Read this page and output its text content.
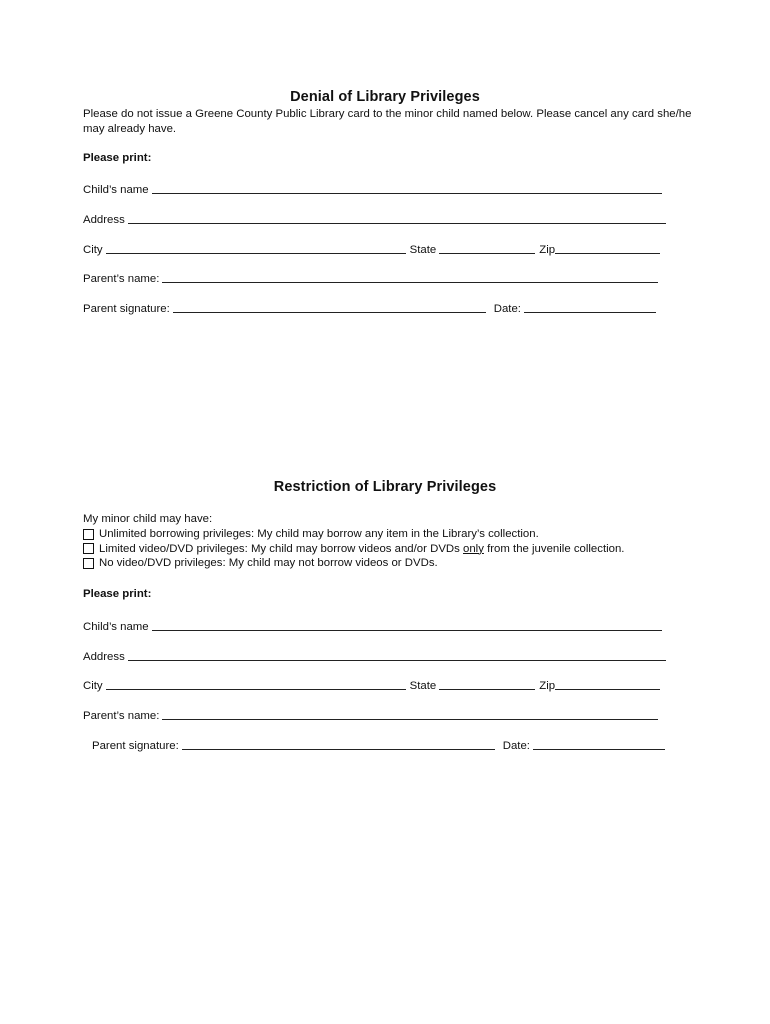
Denial of Library Privileges

Please do not issue a Greene County Public Library card to the minor child named below. Please cancel any card she/he may already have.

Please print:
Child’s name
Address
City	State	Zip
Parent’s name:
Parent signature:	Date:
Restriction of Library Privileges
My minor child may have:
Unlimited borrowing privileges: My child may borrow any item in the Library’s collection.
Limited video/DVD privileges: My child may borrow videos and/or DVDs only from the juvenile collection.
No video/DVD privileges: My child may not borrow videos or DVDs.
Please print:
Child’s name
Address
City	State	Zip
Parent’s name:
Parent signature:	Date:
